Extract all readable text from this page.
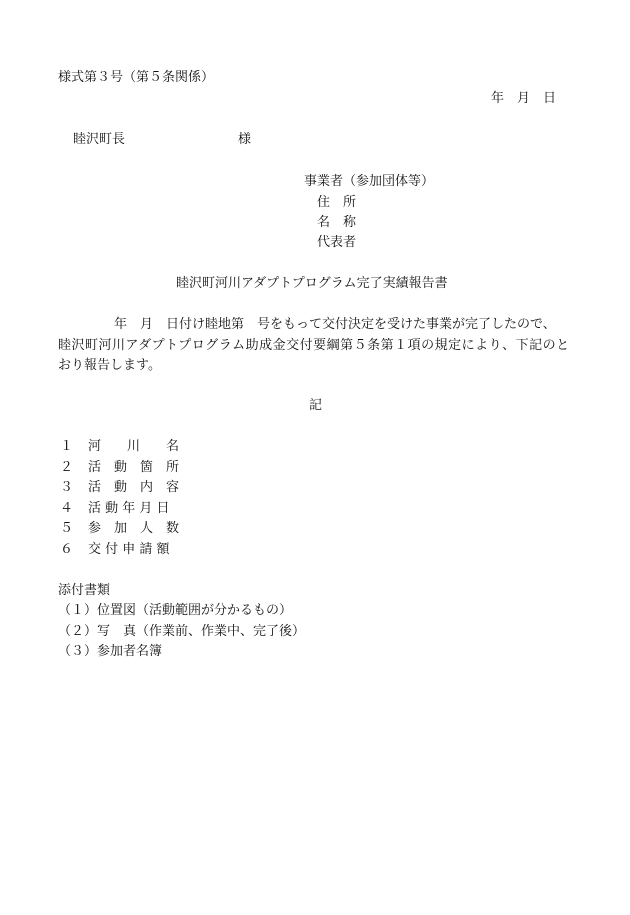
様式第３号（第５条関係）
年　月　日
睦沢町長	様
事業者（参加団体等）
住　所
名　称
代表者
睦沢町河川アダプトプログラム完了実績報告書
年　月　日付け睦地第　号をもって交付決定を受けた事業が完了したので、
睦沢町河川アダプトプログラム助成金交付要綱第５条第１項の規定により、下記のと
おり報告します。
記
１ 河　　川　　名
２ 活　動　箇　所
３ 活　動　内　容
４ 活 動 年 月 日
５ 参　加　人　数
６ 交 付 申 請 額
添付書類
（１）位置図（活動範囲が分かるもの）
（２）写　真（作業前、作業中、完了後）
（３）参加者名簿
